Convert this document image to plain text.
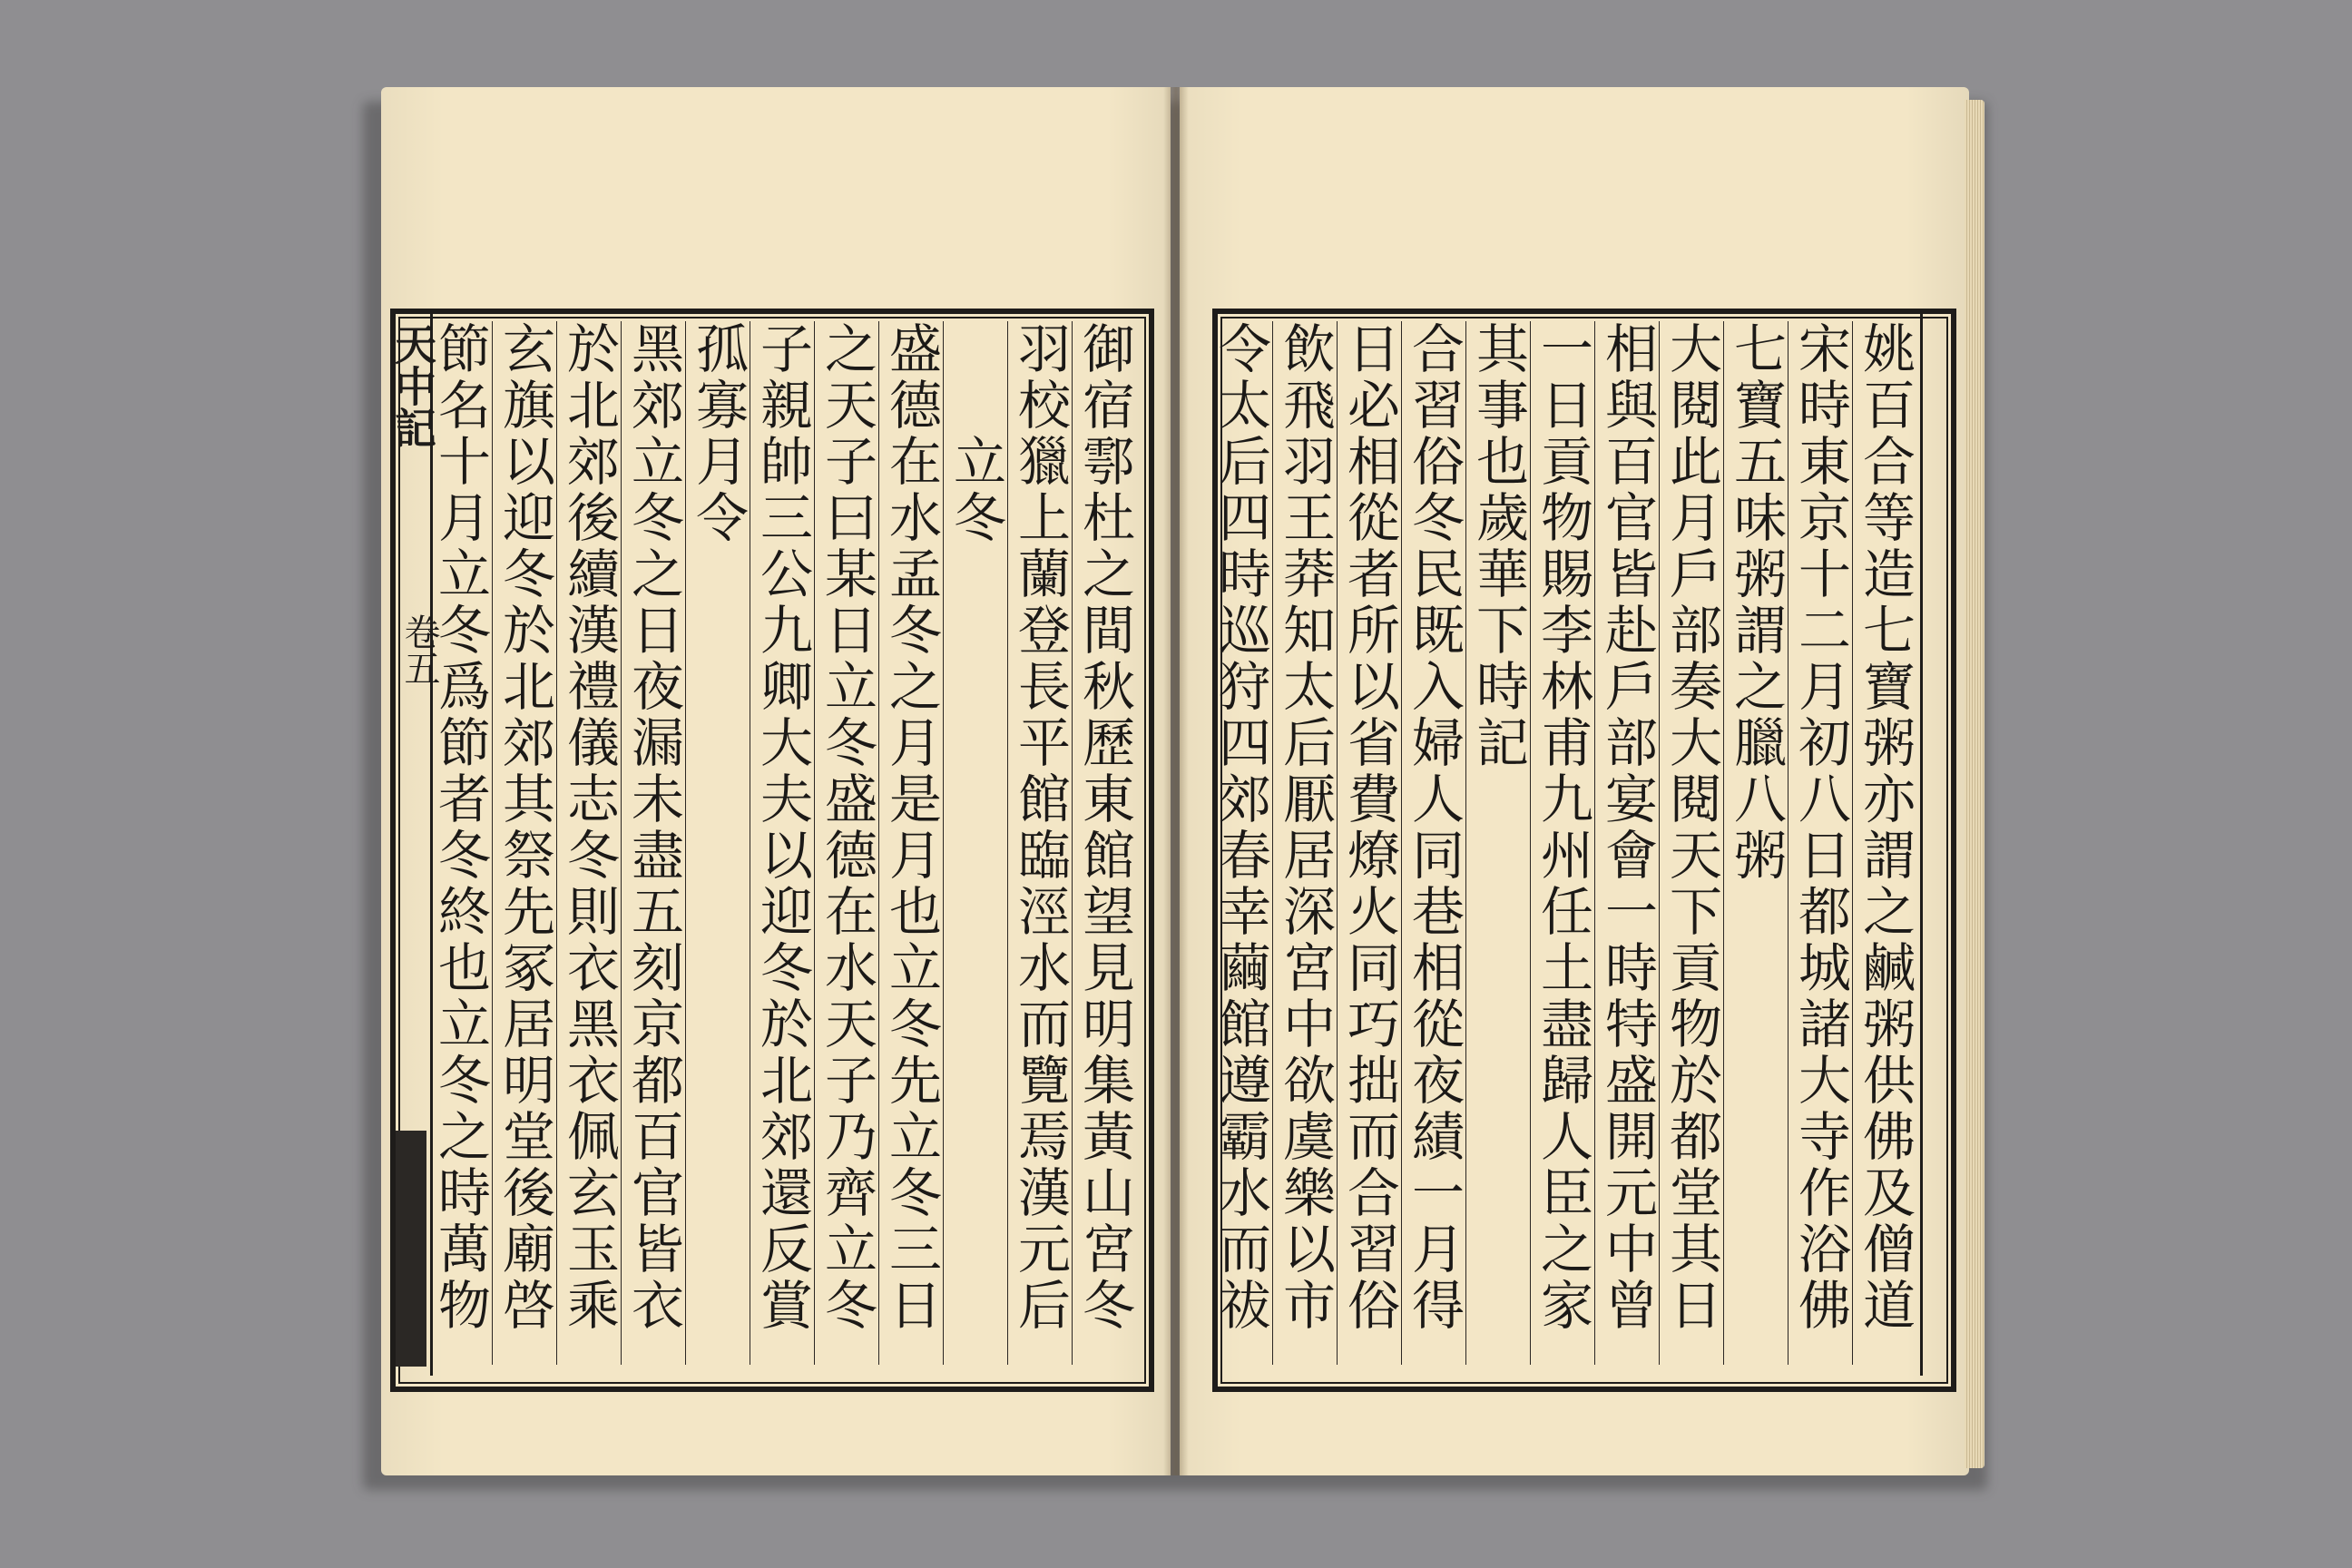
天中記
卷五
御宿鄠杜之間秋歷東館望見明集黃山宮冬
羽校獵上蘭登長平館臨涇水而覽焉漢元后
　　立冬
盛德在水孟冬之月是月也立冬先立冬三日
之天子曰某日立冬盛德在水天子乃齊立冬
子親帥三公九卿大夫以迎冬於北郊還反賞
孤寡月令
黑郊立冬之日夜漏未盡五刻京都百官皆衣
於北郊後續漢禮儀志冬則衣黑衣佩玄玉乘
玄旗以迎冬於北郊其祭先冢居明堂後廟啓
節名十月立冬爲節者冬終也立冬之時萬物
姚百合等造七寶粥亦謂之鹹粥供佛及僧道
宋時東京十二月初八日都城諸大寺作浴佛
七寶五味粥謂之臘八粥
大閱此月戶部奏大閱天下貢物於都堂其日
相與百官皆赴戶部宴會一時特盛開元中曾
一日貢物賜李林甫九州任土盡歸人臣之家
其事也歲華下時記
合習俗冬民既入婦人同巷相從夜績一月得
日必相從者所以省費燎火同巧拙而合習俗
飲飛羽王莽知太后厭居深宮中欲虞樂以市
令太后四時巡狩四郊春幸繭館遵霸水而祓
